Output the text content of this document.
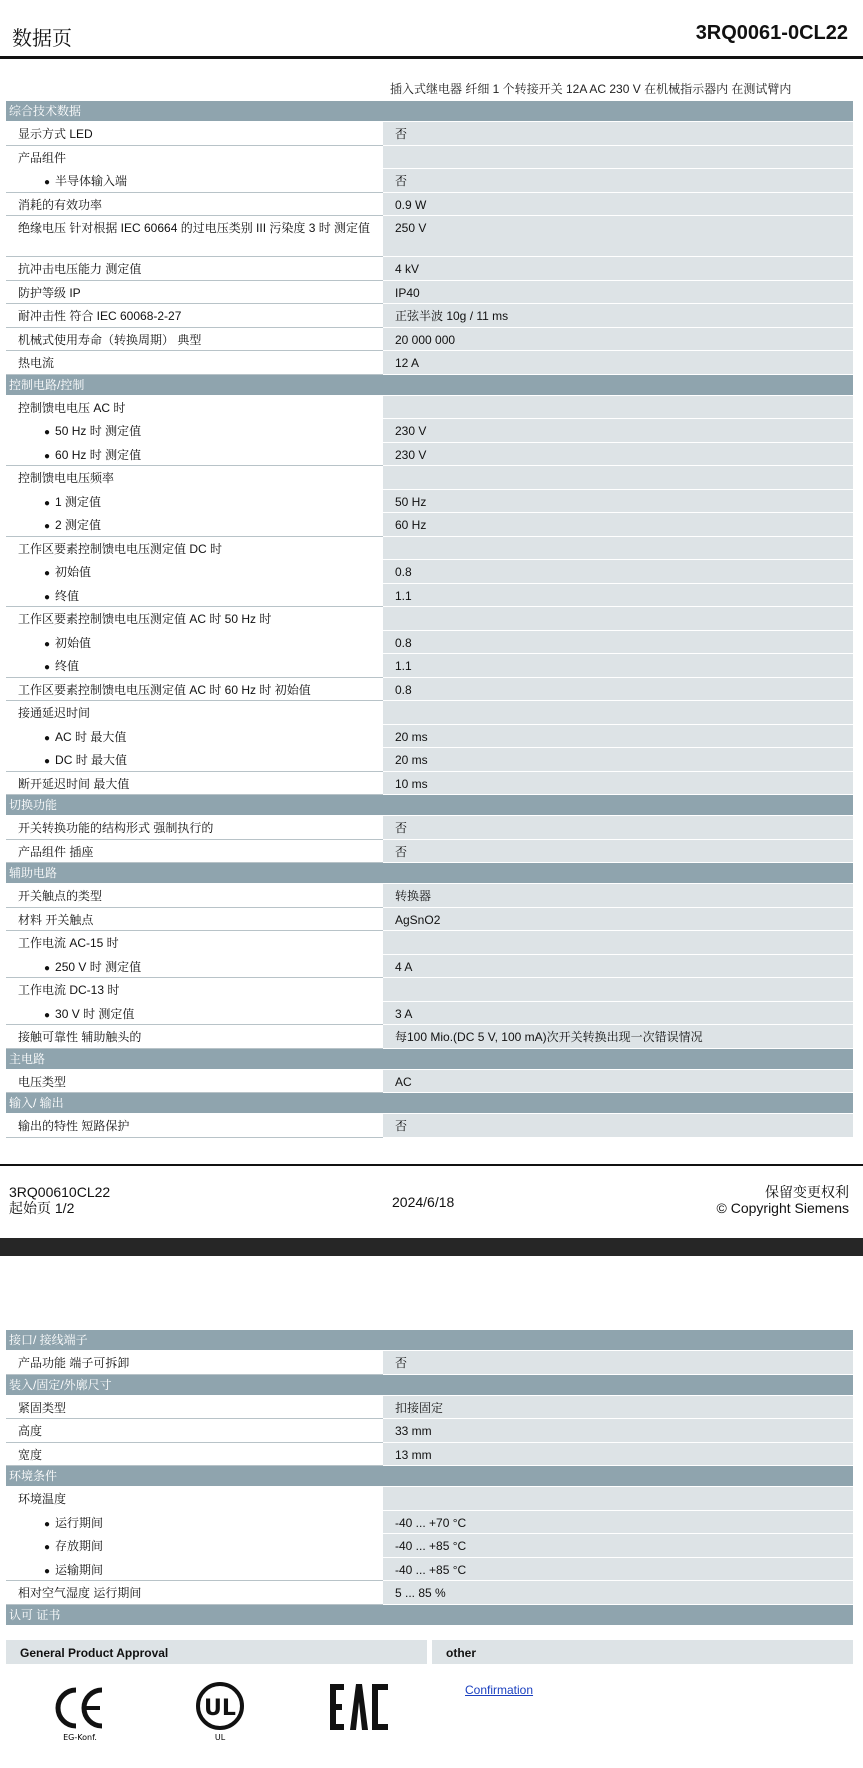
数据页	3RQ0061-0CL22
插入式继电器 纤细 1 个转接开关 12A AC 230 V 在机械指示器内 在测试臂内
综合技术数据
显示方式 LED	否
产品组件
● 半导体输入端	否
消耗的有效功率	0.9 W
绝缘电压 针对根据 IEC 60664 的过电压类别 III 污染度 3 时 测定值	250 V
抗冲击电压能力 测定值	4 kV
防护等级 IP	IP40
耐冲击性 符合 IEC 60068-2-27	正弦半波 10g / 11 ms
机械式使用寿命（转换周期） 典型	20 000 000
热电流	12 A
控制电路/控制
控制馈电电压 AC 时
● 50 Hz 时 测定值	230 V
● 60 Hz 时 测定值	230 V
控制馈电电压频率
● 1 测定值	50 Hz
● 2 测定值	60 Hz
工作区要素控制馈电电压测定值 DC 时
● 初始值	0.8
● 终值	1.1
工作区要素控制馈电电压测定值 AC 时 50 Hz 时
● 初始值	0.8
● 终值	1.1
工作区要素控制馈电电压测定值 AC 时 60 Hz 时 初始值	0.8
接通延迟时间
● AC 时 最大值	20 ms
● DC 时 最大值	20 ms
断开延迟时间 最大值	10 ms
切换功能
开关转换功能的结构形式 强制执行的	否
产品组件 插座	否
辅助电路
开关触点的类型	转换器
材料 开关触点	AgSnO2
工作电流 AC-15 时
● 250 V 时 测定值	4 A
工作电流 DC-13 时
● 30 V 时 测定值	3 A
接触可靠性 辅助触头的	每100 Mio.(DC 5 V, 100 mA)次开关转换出现一次错误情况
主电路
电压类型	AC
输入/ 输出
输出的特性 短路保护	否
3RQ00610CL22
起始页 1/2	2024/6/18
保留变更权利
© Copyright Siemens
接口/ 接线端子
产品功能 端子可拆卸	否
装入/固定/外廓尺寸
紧固类型	扣接固定
高度	33 mm
宽度	13 mm
环境条件
环境温度
● 运行期间	-40 ... +70 °C
● 存放期间	-40 ... +85 °C
● 运输期间	-40 ... +85 °C
相对空气湿度 运行期间	5 ... 85 %
认可 证书
General Product Approval	other
EG-Konf.
UL
UL
Confirmation
